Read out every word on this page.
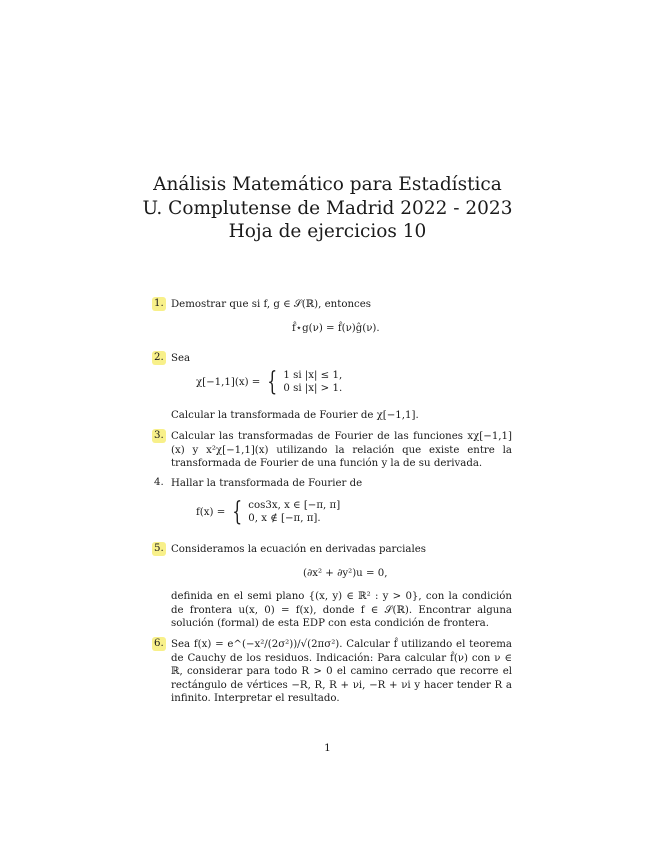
Análisis Matemático para Estadística
U. Complutense de Madrid 2022 - 2023
Hoja de ejercicios 10
1. Demostrar que si f, g ∈ 𝒮(ℝ), entonces
f̂⋆g(ν) = f̂(ν)ĝ(ν).
2. Sea
χ[−1,1](x) = { 1 si |x| ≤ 1,
0 si |x| > 1.
Calcular la transformada de Fourier de χ[−1,1].
3. Calcular las transformadas de Fourier de las funciones xχ[−1,1](x) y x²χ[−1,1](x) utilizando la relación que existe entre la transformada de Fourier de una función y la de su derivada.
4. Hallar la transformada de Fourier de
f(x) = { cos3x, x ∈ [−π, π]
0, x ∉ [−π, π].
5. Consideramos la ecuación en derivadas parciales
(∂x² + ∂y²)u = 0,
definida en el semi plano {(x, y) ∈ ℝ² : y > 0}, con la condición de frontera u(x, 0) = f(x), donde f ∈ 𝒮(ℝ). Encontrar alguna solución (formal) de esta EDP con esta condición de frontera.
6. Sea f(x) = e^(−x²/(2σ²))/√(2πσ²). Calcular f̂ utilizando el teorema de Cauchy de los residuos. Indicación: Para calcular f̂(ν) con ν ∈ ℝ, considerar para todo R > 0 el camino cerrado que recorre el rectángulo de vértices −R, R, R + νi, −R + νi y hacer tender R a infinito. Interpretar el resultado.
1
